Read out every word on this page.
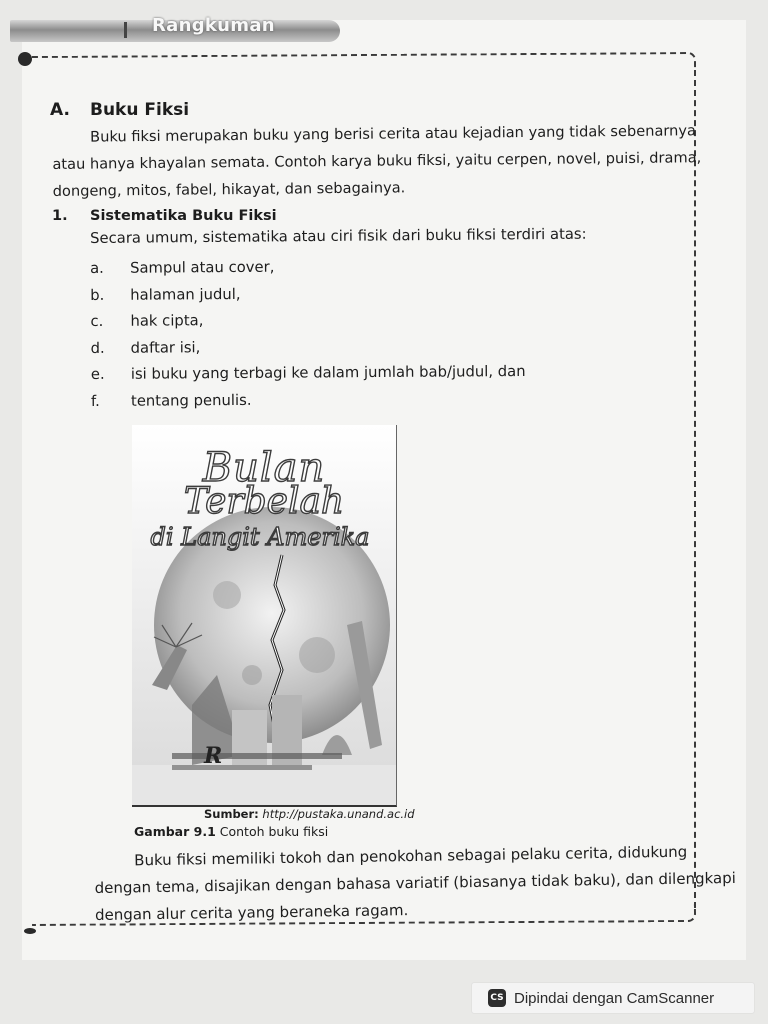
Rangkuman
A. Buku Fiksi
Buku fiksi merupakan buku yang berisi cerita atau kejadian yang tidak sebenarnya
atau hanya khayalan semata. Contoh karya buku fiksi, yaitu cerpen, novel, puisi, drama,
dongeng, mitos, fabel, hikayat, dan sebagainya.
1. Sistematika Buku Fiksi
Secara umum, sistematika atau ciri fisik dari buku fiksi terdiri atas:
a. Sampul atau cover,
b. halaman judul,
c. hak cipta,
d. daftar isi,
e. isi buku yang terbagi ke dalam jumlah bab/judul, dan
f. tentang penulis.
Bulan
Terbelah
di Langit Amerika
R
Sumber: http://pustaka.unand.ac.id
Gambar 9.1 Contoh buku fiksi
Buku fiksi memiliki tokoh dan penokohan sebagai pelaku cerita, didukung
dengan tema, disajikan dengan bahasa variatif (biasanya tidak baku), dan dilengkapi
dengan alur cerita yang beraneka ragam.
CS Dipindai dengan CamScanner
